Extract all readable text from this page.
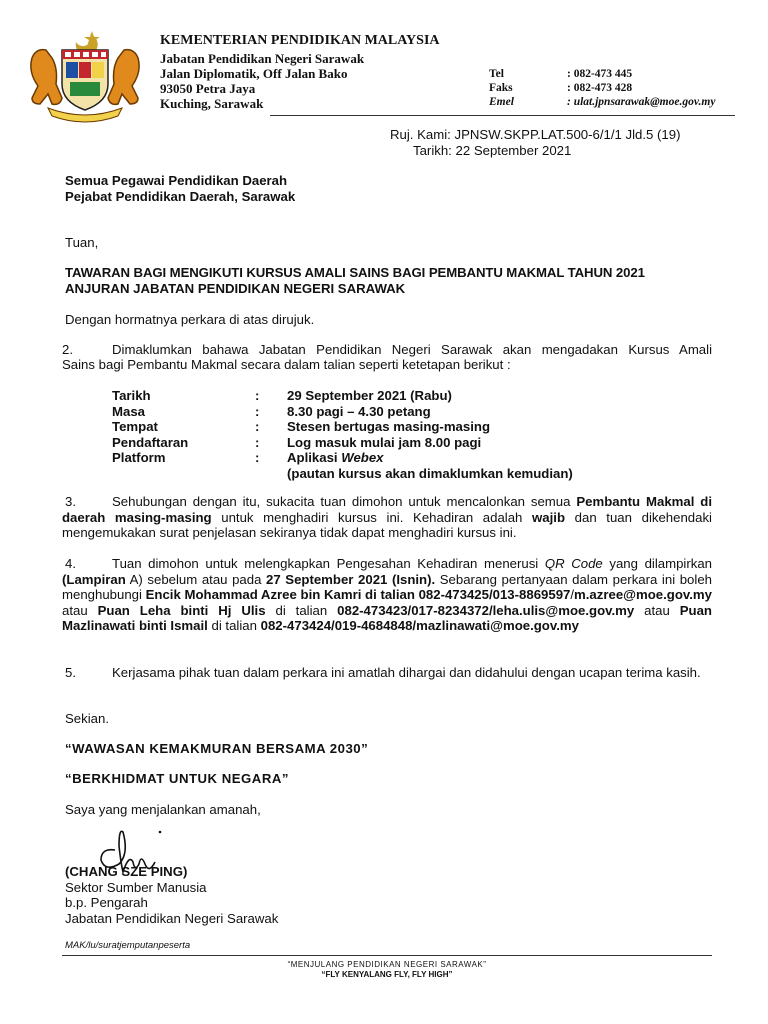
KEMENTERIAN PENDIDIKAN MALAYSIA
Jabatan Pendidikan Negeri Sarawak
Jalan Diplomatik, Off Jalan Bako
93050 Petra Jaya
Kuching, Sarawak
Tel	: 082-473 445
Faks	: 082-473 428
Emel	: ulat.jpnsarawak@moe.gov.my
Ruj. Kami: JPNSW.SKPP.LAT.500-6/1/1 Jld.5 (19)
Tarikh: 22 September 2021
Semua Pegawai Pendidikan Daerah
Pejabat Pendidikan Daerah, Sarawak
Tuan,
TAWARAN BAGI MENGIKUTI KURSUS AMALI SAINS BAGI PEMBANTU MAKMAL TAHUN 2021
ANJURAN JABATAN PENDIDIKAN NEGERI SARAWAK
Dengan hormatnya perkara di atas dirujuk.
2.	Dimaklumkan bahawa Jabatan Pendidikan Negeri Sarawak akan mengadakan Kursus Amali
Sains bagi Pembantu Makmal secara dalam talian seperti ketetapan berikut :
Tarikh	:	29 September 2021 (Rabu)
Masa	:	8.30 pagi – 4.30 petang
Tempat	:	Stesen bertugas masing-masing
Pendaftaran	:	Log masuk mulai jam 8.00 pagi
Platform	:	Aplikasi Webex
(pautan kursus akan dimaklumkan kemudian)
3.	Sehubungan dengan itu, sukacita tuan dimohon untuk mencalonkan semua Pembantu Makmal di daerah masing-masing untuk menghadiri kursus ini. Kehadiran adalah wajib dan tuan dikehendaki mengemukakan surat penjelasan sekiranya tidak dapat menghadiri kursus ini.
4.	Tuan dimohon untuk melengkapkan Pengesahan Kehadiran menerusi QR Code yang dilampirkan (Lampiran A) sebelum atau pada 27 September 2021 (Isnin). Sebarang pertanyaan dalam perkara ini boleh menghubungi Encik Mohammad Azree bin Kamri di talian 082-473425/013-8869597/m.azree@moe.gov.my atau Puan Leha binti Hj Ulis di talian 082-473423/017-8234372/leha.ulis@moe.gov.my atau Puan Mazlinawati binti Ismail di talian 082-473424/019-4684848/mazlinawati@moe.gov.my
5.	Kerjasama pihak tuan dalam perkara ini amatlah dihargai dan didahului dengan ucapan terima kasih.
Sekian.
“WAWASAN KEMAKMURAN BERSAMA 2030”
“BERKHIDMAT UNTUK NEGARA”
Saya yang menjalankan amanah,
(CHANG SZE PING)
Sektor Sumber Manusia
b.p. Pengarah
Jabatan Pendidikan Negeri Sarawak
MAK/lu/suratjemputanpeserta
“MENJULANG PENDIDIKAN NEGERI SARAWAK”
“FLY KENYALANG FLY, FLY HIGH”
